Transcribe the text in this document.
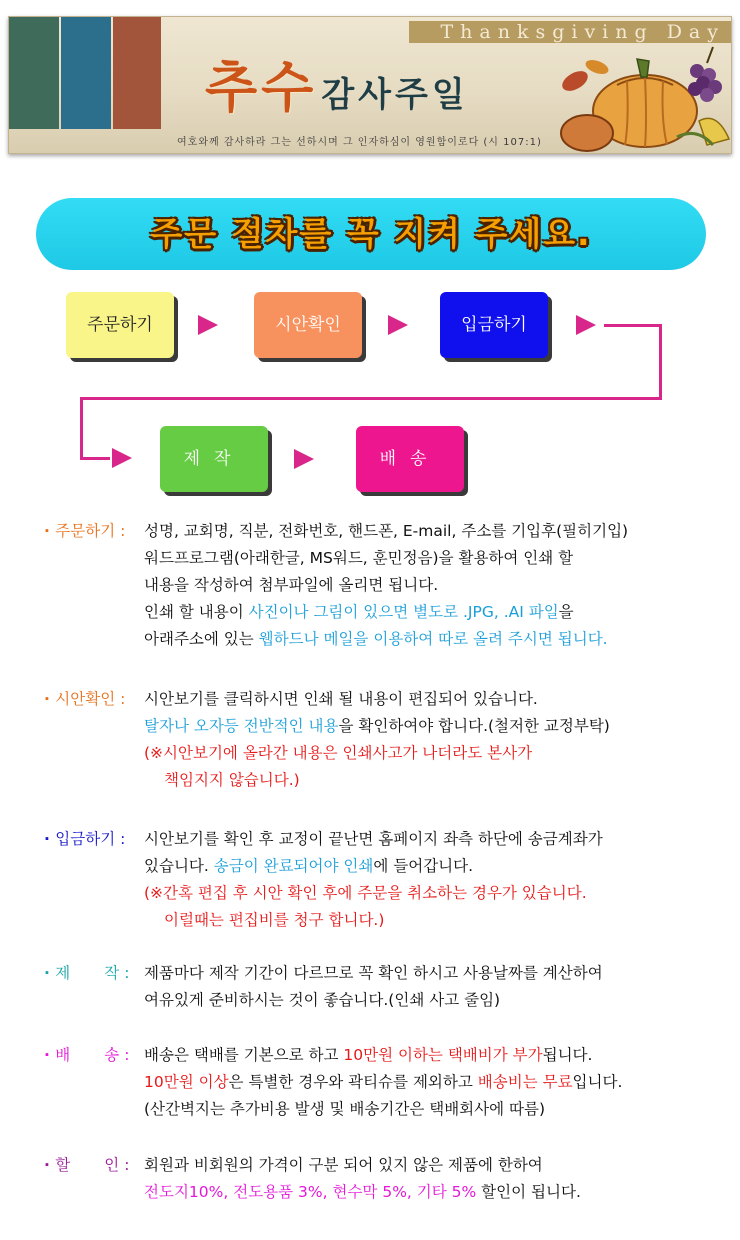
Thanksgiving Day
추수 감사주일
여호와께 감사하라 그는 선하시며 그 인자하심이 영원함이로다 (시 107:1)
주문 절차를 꼭 지켜 주세요.
주문하기	시안확인	입금하기
제작	배송
· 주문하기 :	성명, 교회명, 직분, 전화번호, 핸드폰, E-mail, 주소를 기입후(필히기입)
워드프로그램(아래한글, MS워드, 훈민정음)을 활용하여 인쇄 할
내용을 작성하여 첨부파일에 올리면 됩니다.
인쇄 할 내용이 사진이나 그림이 있으면 별도로 .JPG, .AI 파일을
아래주소에 있는 웹하드나 메일을 이용하여 따로 올려 주시면 됩니다.
· 시안확인 :	시안보기를 클릭하시면 인쇄 될 내용이 편집되어 있습니다.
탈자나 오자등 전반적인 내용을 확인하여야 합니다.(철저한 교정부탁)
(※시안보기에 올라간 내용은 인쇄사고가 나더라도 본사가
책임지지 않습니다.)
· 입금하기 :	시안보기를 확인 후 교정이 끝난면 홈페이지 좌측 하단에 송금계좌가
있습니다. 송금이 완료되어야 인쇄에 들어갑니다.
(※간혹 편집 후 시안 확인 후에 주문을 취소하는 경우가 있습니다.
이럴때는 편집비를 청구 합니다.)
· 제 작 : 제품마다 제작 기간이 다르므로 꼭 확인 하시고 사용날짜를 계산하여
여유있게 준비하시는 것이 좋습니다.(인쇄 사고 줄임)
· 배 송 : 배송은 택배를 기본으로 하고 10만원 이하는 택배비가 부가됩니다.
10만원 이상은 특별한 경우와 곽티슈를 제외하고 배송비는 무료입니다.
(산간벽지는 추가비용 발생 및 배송기간은 택배회사에 따름)
· 할 인 : 회원과 비회원의 가격이 구분 되어 있지 않은 제품에 한하여
전도지10%, 전도용품 3%, 현수막 5%, 기타 5% 할인이 됩니다.
